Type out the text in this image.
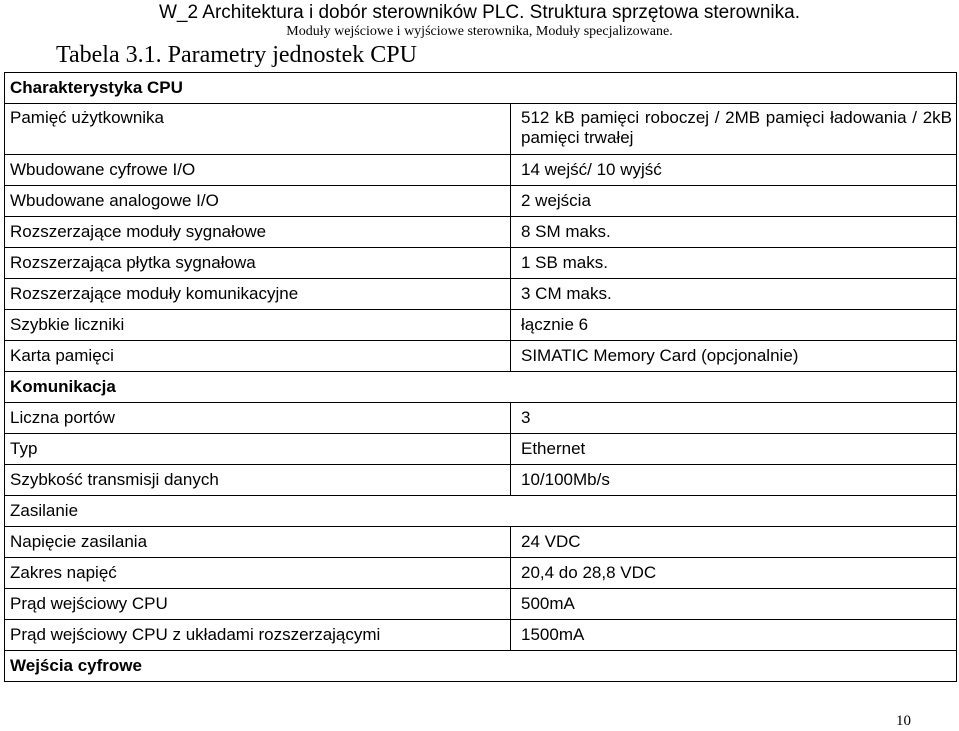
W_2 Architektura i dobór sterowników PLC. Struktura sprzętowa sterownika.
Moduły wejściowe i wyjściowe sterownika, Moduły specjalizowane.
Tabela 3.1. Parametry jednostek CPU
Charakterystyka CPU	
Pamięć użytkownika	512 kB pamięci roboczej / 2MB pamięci ładowania / 2kB pamięci trwałej
Wbudowane cyfrowe I/O	14 wejść/ 10 wyjść
Wbudowane analogowe I/O	2 wejścia
Rozszerzające moduły sygnałowe	8 SM maks.
Rozszerzająca płytka sygnałowa	1 SB maks.
Rozszerzające moduły komunikacyjne	3 CM maks.
Szybkie liczniki	łącznie 6
Karta pamięci	SIMATIC Memory Card (opcjonalnie)
Komunikacja	
Liczna portów	3
Typ	Ethernet
Szybkość transmisji danych	10/100Mb/s
Zasilanie	
Napięcie zasilania	24 VDC
Zakres napięć	20,4 do 28,8 VDC
Prąd wejściowy CPU	500mA
Prąd wejściowy CPU z układami rozszerzającymi	1500mA
Wejścia cyfrowe	
10
